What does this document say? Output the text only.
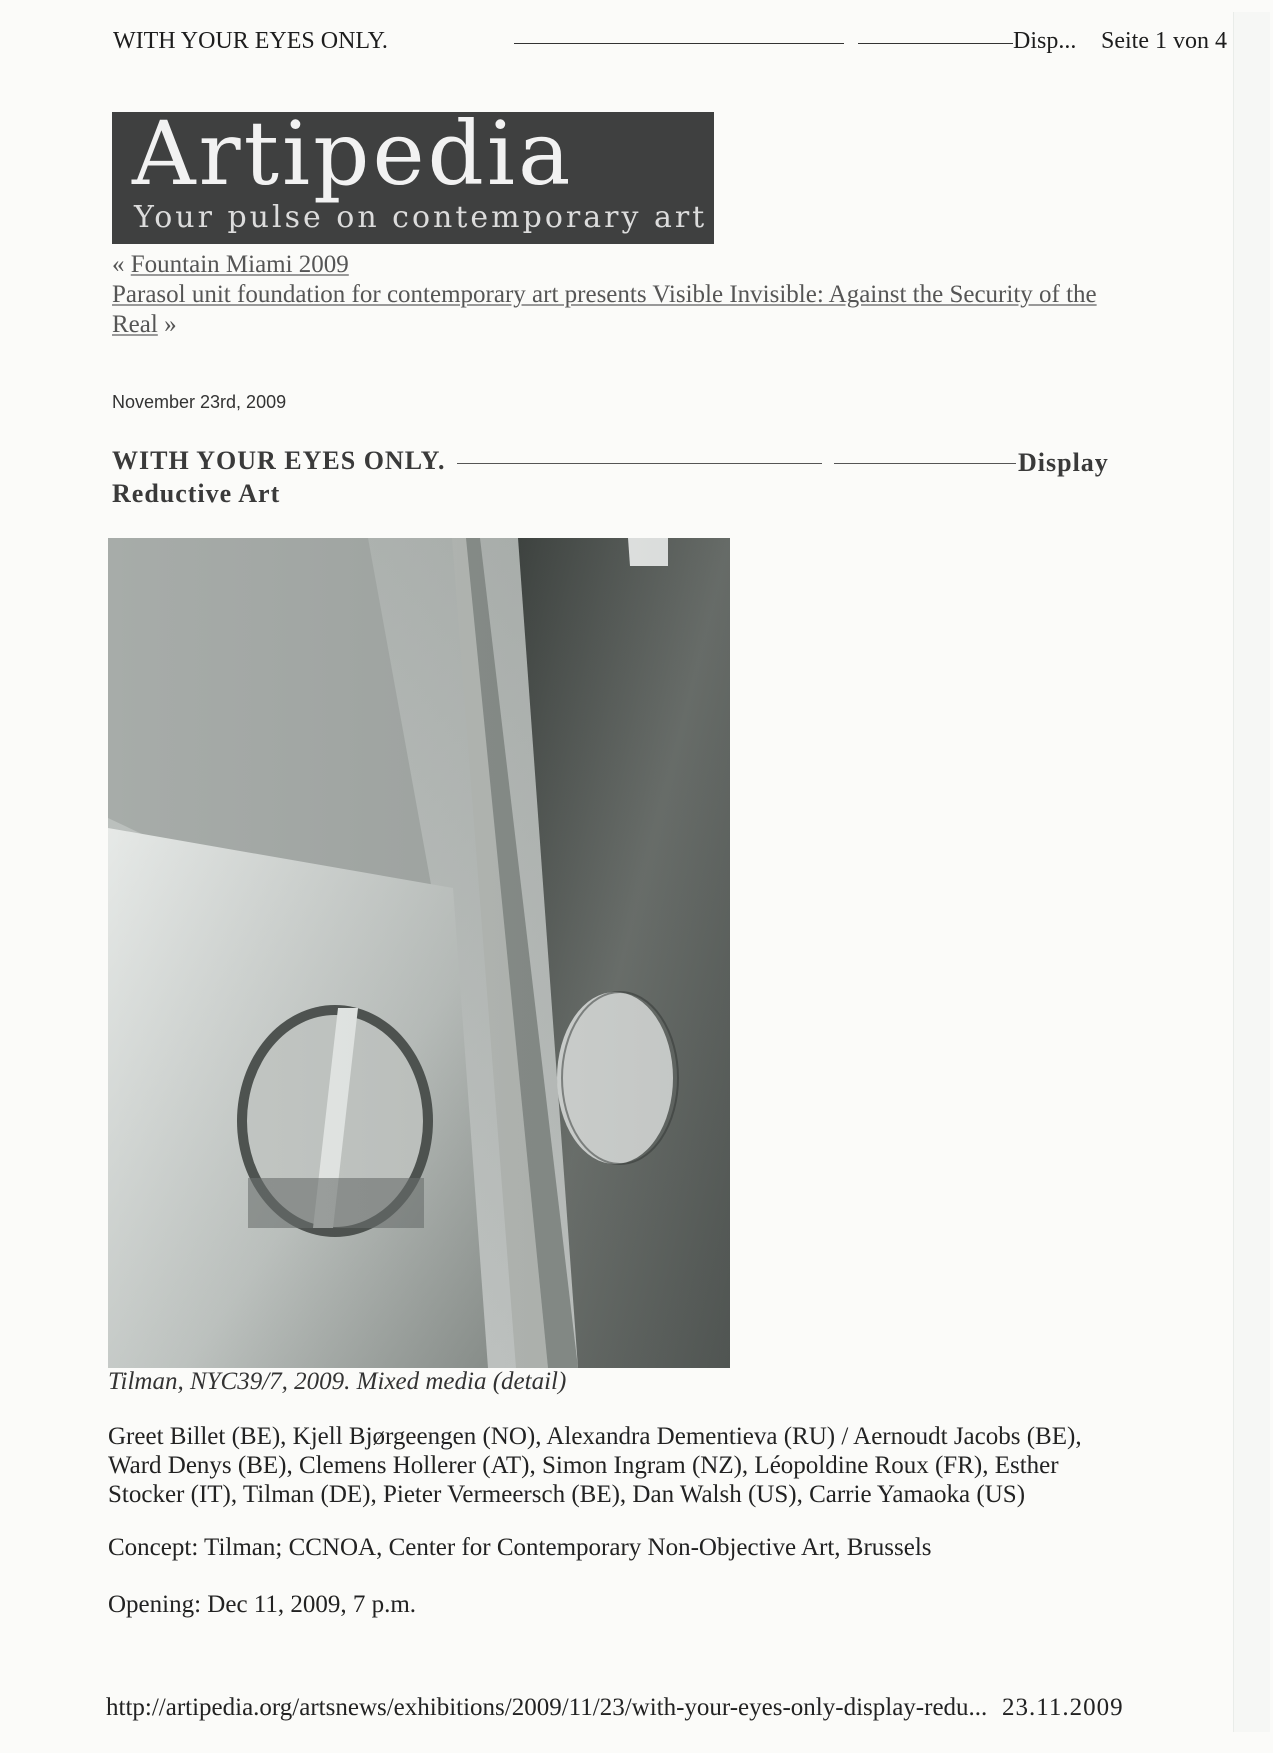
WITH YOUR EYES ONLY.	Disp... Seite 1 von 4
Artipedia
Your pulse on contemporary art
« Fountain Miami 2009
Parasol unit foundation for contemporary art presents Visible Invisible: Against the Security of the Real »
November 23rd, 2009
WITH YOUR EYES ONLY.	Display
Reductive Art
Tilman, NYC39/7, 2009. Mixed media (detail)
Greet Billet (BE), Kjell Bjørgeengen (NO), Alexandra Dementieva (RU) / Aernoudt Jacobs (BE), Ward Denys (BE), Clemens Hollerer (AT), Simon Ingram (NZ), Léopoldine Roux (FR), Esther Stocker (IT), Tilman (DE), Pieter Vermeersch (BE), Dan Walsh (US), Carrie Yamaoka (US)
Concept: Tilman; CCNOA, Center for Contemporary Non-Objective Art, Brussels
Opening: Dec 11, 2009, 7 p.m.
http://artipedia.org/artsnews/exhibitions/2009/11/23/with-your-eyes-only-display-redu... 23.11.2009
